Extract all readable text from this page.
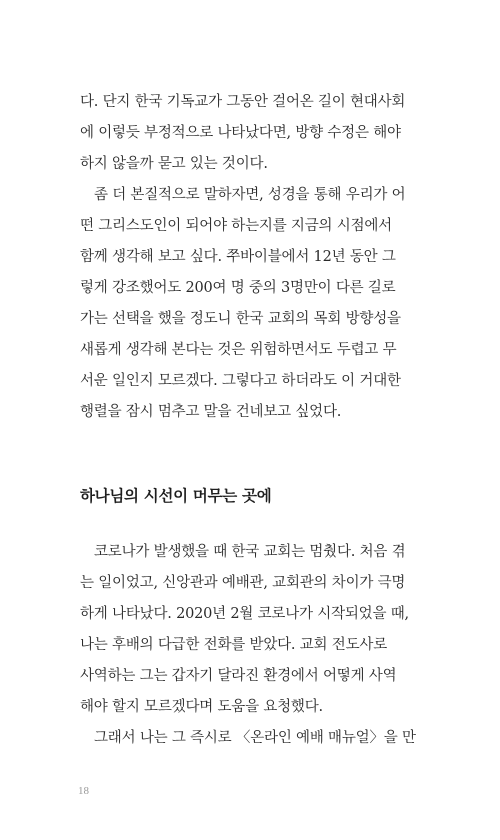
다. 단지 한국 기독교가 그동안 걸어온 길이 현대사회
에 이렇듯 부정적으로 나타났다면, 방향 수정은 해야
하지 않을까 묻고 있는 것이다.
좀 더 본질적으로 말하자면, 성경을 통해 우리가 어
떤 그리스도인이 되어야 하는지를 지금의 시점에서
함께 생각해 보고 싶다. 쭈바이블에서 12년 동안 그
렇게 강조했어도 200여 명 중의 3명만이 다른 길로
가는 선택을 했을 정도니 한국 교회의 목회 방향성을
새롭게 생각해 본다는 것은 위험하면서도 두렵고 무
서운 일인지 모르겠다. 그렇다고 하더라도 이 거대한
행렬을 잠시 멈추고 말을 건네보고 싶었다.
하나님의 시선이 머무는 곳에
코로나가 발생했을 때 한국 교회는 멈췄다. 처음 겪
는 일이었고, 신앙관과 예배관, 교회관의 차이가 극명
하게 나타났다. 2020년 2월 코로나가 시작되었을 때,
나는 후배의 다급한 전화를 받았다. 교회 전도사로
사역하는 그는 갑자기 달라진 환경에서 어떻게 사역
해야 할지 모르겠다며 도움을 요청했다.
그래서 나는 그 즉시로 〈온라인 예배 매뉴얼〉을 만
18
